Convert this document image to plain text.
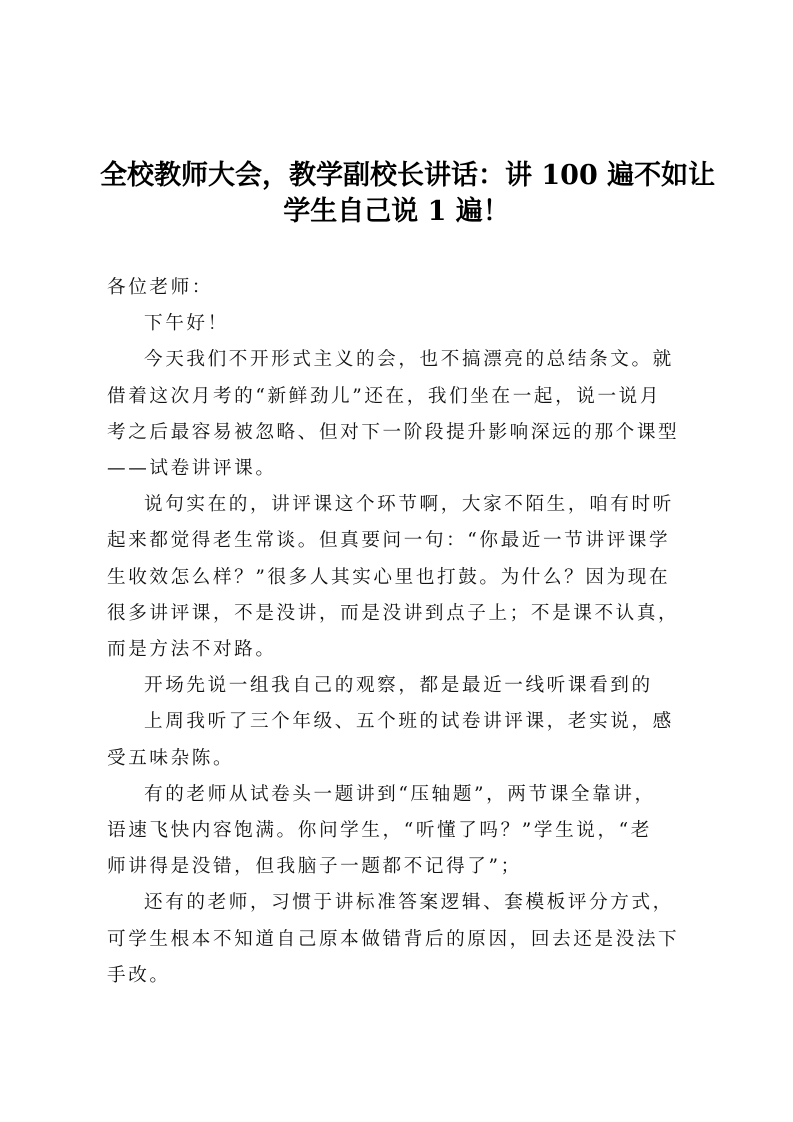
全校教师大会，教学副校长讲话：讲 100 遍不如让
学生自己说 1 遍！

各位老师：

下午好！

今天我们不开形式主义的会，也不搞漂亮的总结条文。就
借着这次月考的“新鲜劲儿”还在，我们坐在一起，说一说月
考之后最容易被忽略、但对下一阶段提升影响深远的那个课型
——试卷讲评课。

说句实在的，讲评课这个环节啊，大家不陌生，咱有时听
起来都觉得老生常谈。但真要问一句：“你最近一节讲评课学
生收效怎么样？”很多人其实心里也打鼓。为什么？因为现在
很多讲评课，不是没讲，而是没讲到点子上；不是课不认真，
而是方法不对路。

开场先说一组我自己的观察，都是最近一线听课看到的

上周我听了三个年级、五个班的试卷讲评课，老实说，感
受五味杂陈。

有的老师从试卷头一题讲到“压轴题”，两节课全靠讲，
语速飞快内容饱满。你问学生，“听懂了吗？”学生说，“老
师讲得是没错，但我脑子一题都不记得了”；

还有的老师，习惯于讲标准答案逻辑、套模板评分方式，
可学生根本不知道自己原本做错背后的原因，回去还是没法下
手改。
